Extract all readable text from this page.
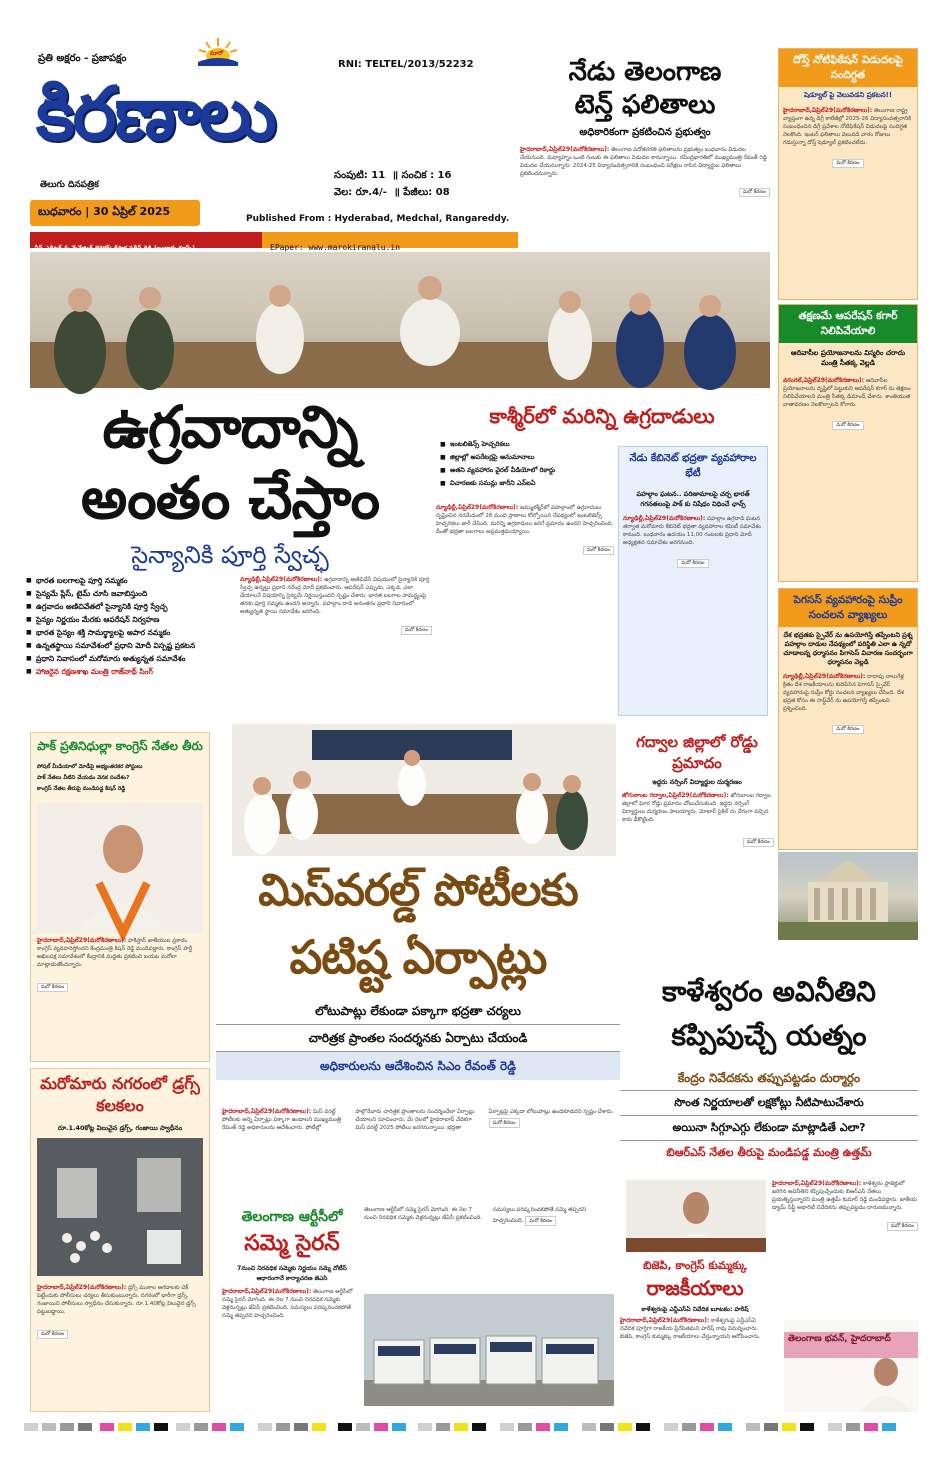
ప్రతి అక్షరం - ప్రజాపక్షం	మారో
కిరణాలు
తెలుగు దినపత్రిక
RNI: TELTEL/2013/52232
సంపుటి: 11  ॥ సంచిక : 16
వెల: రూ.4/-  ॥ పేజీలు: 08
బుధవారం | 30 ఏప్రిల్ 2025
Published From : Hyderabad, Medchal, Rangareddy.
చీఫ్ ఎడిటర్ & మేనేజింగ్ డైరెక్టర్: రేపాక ప్రదీప్ రెడ్డి (బంధారు గ్రూప్స్)	EPaper: www.marokiranalu.in
నేడు తెలంగాణ
టెన్త్ ఫలితాలు
అధికారికంగా ప్రకటించిన ప్రభుత్వం
హైదరాబాద్,ఏప్రిల్29(మరోకిరణాలు): తెలంగాణ పదోతరగతి ఫలితాలను ప్రభుత్వం బుధవారం విడుదల చేయనుంది. మధ్యాహ్నం ఒంటి గంటకు ఈ ఫలితాలు విడుదల కానున్నాయి. రవీంద్రభారతిలో ముఖ్యమంత్రి రేవంత్ రెడ్డి విడుదల చేయనున్నారు. 2024-25 విద్యాసంవత్సరానికి సంబంధించి పరీక్షలు రాసిన విద్యార్థుల ఫలితాలు ప్రకటించనున్నారు.
మరో కిరణం
దోస్త్ నోటిఫికేషన్ విడుదలపై సందిగ్ధత
షెడ్యూల్ పై వెలువడని ప్రకటన!!
హైదరాబాద్,ఏప్రిల్29(మరోకిరణాలు): తెలంగాణ రాష్ట్ర వ్యాప్తంగా ఉన్న డిగ్రీ కాలేజీల్లో 2025-26 విద్యాసంవత్సరానికి సంబంధించిన డిగ్రీ ప్రవేశాల నోటిఫికేషన్ విడుదలపై సందిగ్ధత నెలకొంది. ఇంటర్ ఫలితాలు వెలువడి వారం రోజులు గడుస్తున్నా దోస్త్ షెడ్యూల్ ప్రకటించలేదు.
మరో కిరణం
తక్షణమే ఆపరేషన్ కగార్ నిలిపివేయాలి
ఆదివాసీల ప్రయోజనాలను విస్మరిం చరాదు మంత్రి సీతక్క వెల్లడి
వరంగల్,ఏప్రిల్29(మరోకిరణాలు): ఆదివాసీల ప్రయోజనాలను దృష్టిలో పెట్టుకుని ఆపరేషన్ కగార్ ను తక్షణం నిలిపివేయాలని మంత్రి సీతక్క డిమాండ్ చేశారు. శాంతియుత వాతావరణం నెలకొల్పాలని కోరారు.
మరో కిరణం
పెగసస్ వ్యవహారంపై సుప్రీం సంచలన వ్యాఖ్యలు
దేశ భద్రతకు స్పైవేర్ ను ఉపయోగిస్తే తప్పేంటని ప్రశ్న పహల్గాం దాడుల నేపథ్యంలో పరిస్థితి ఎలా ఉ న్నదో చూడాలన్న ధర్మాసనం పిగాసెస్ విచారణ సందర్భంగా ధర్మాసనం వెల్లడి
న్యూఢిల్లీ,ఏప్రిల్29(మరోకిరణాలు): దాదాపు నాలుగేళ్ల క్రితం దేశ రాజకీయాలను కుదిపేసిన పెగాసస్ స్పైవేర్ వ్యవహారంపై సుప్రీం కోర్టు సంచలన వ్యాఖ్యలు చేసింది. దేశ భద్రత కోసం ఈ సాఫ్ట్‌వేర్ ను ఉపయోగిస్తే తప్పేంటని ప్రశ్నించింది.
మరో కిరణం
ఉగ్రవాదాన్ని
అంతం చేస్తాం
సైన్యానికి పూర్తి స్వేచ్ఛ
■ భారత బలగాలపై పూర్తి నమ్మకం
■ సైన్యమే ప్లేస్, టైమ్ చూసి జవాబిస్తుంది
■ ఉగ్రవాదం అణిచివేతలో సైన్యానికి పూర్తి స్వేచ్ఛ
■ సైన్యం నిర్ణయం మేరకు ఆపరేషన్ నిర్వహణ
■ భారత సైన్యం శక్తి సామర్థ్యాలపై అపార నమ్మకం
■ ఉన్నతస్థాయి సమావేశంలో ప్రధాని మోదీ విస్పష్ట ప్రకటన
■ ప్రధాని నివాసంలో మరోమారు అత్యున్నత సమావేశం
■ హాజరైన రక్షణశాఖ మంత్రి రాజ్‌నాథ్ సింగ్
న్యూఢిల్లీ,ఏప్రిల్29(మరోకిరణాలు): ఉగ్రవాదాన్ని అణిచివేసే విషయంలో సైన్యానికి పూర్తి స్వేచ్ఛ ఉన్నట్టు ప్రధాని నరేంద్ర మోదీ ప్రకటించారు. ఆపరేషన్ ఎప్పుడు, ఎక్కడ, ఎలా చేయాలనే విషయాన్ని సైన్యమే నిర్ణయిస్తుందని స్పష్టం చేశారు. భారత బలగాల సామర్థ్యంపై తనకు పూర్తి నమ్మకం ఉందని అన్నారు. పహల్గాం దాడి అనంతరం ప్రధాని నివాసంలో అత్యున్నత స్థాయి సమావేశం జరిగింది.
మరో కిరణం
కాశ్మీర్‌లో మరిన్ని ఉగ్రదాడులు
■ ఇంటలిజెన్స్ హెచ్చరికలు
■ జిల్లాల్లో అపరేటర్లపై అనుమానాలు
■ అతని వ్యవహారం వైరల్ వీడియోలో రికార్డు
■ విచారణకు సమన్లు జారీని ఎన్ఐఏ
న్యూఢిల్లీ,ఏప్రిల్29(మరోకిరణాలు): జమ్ముకశ్మీర్‌లో పహల్గాంలో ఉగ్రవాదులు సృష్టించిన నరమేధంలో 26 మంది ప్రాణాలు కోల్పోయిన నేపథ్యంలో ఇంటలిజెన్స్ హెచ్చరికలు జారీ చేసింది. మరిన్ని ఉగ్రదాడులు జరిగే ప్రమాదం ఉందని హెచ్చరించింది. దీంతో భద్రతా బలగాలు అప్రమత్తమయ్యాయి.
మరో కిరణం
నేడు కేబినెట్ భద్రతా వ్యవహారాల భేటీ
పహల్గాం ఘటన.. పరిణామాలపై చర్చ భారత్ గగనతలంపై పాక్ కు నిషేధం విధించే ఛాన్స్
న్యూఢిల్లీ,ఏప్రిల్29(మరోకిరణాలు): పహల్గాం ఉగ్రదాడి ఘటన తర్వాత మరోమారు కేబినెట్ భద్రతా వ్యవహారాల కమిటీ సమావేశం కానుంది. బుధవారం ఉదయం 11.00 గంటలకు ప్రధాని మోదీ అధ్యక్షతన సమావేశం జరగనుంది.
మరో కిరణం
పాక్ ప్రతినిధుల్లా కాంగ్రెస్ నేతల తీరు
సోషల్ మీడియాలో మోడీపై అభ్యంతరకర పోస్టులు
పాక్ నేతలు వీటిని చేయడం వెనక సందేశం?
కాంగ్రెస్ నేతల తీరుపై మండిపడ్డ కిషన్ రెడ్డి
హైదరాబాద్,ఏప్రిల్29(మరోకిరణాలు): పాకిస్తాన్ జాతీయుల ప్రకారం కాంగ్రెస్ వ్యవహరిస్తోందని కేంద్రమంత్రి కిషన్ రెడ్డి మండిపడ్డారు. కాంగ్రెస్ పార్టీ అఖిలపక్ష సమావేశంలో కేంద్రానికి మద్దతు ప్రకటించి బయట మరోలా మాట్లాడుతోందన్నారు.
మరో కిరణం
మరోమారు నగరంలో డ్రగ్స్ కలకలం
రూ.1.40కోట్ల విలువైన డ్రగ్స్, గంజాయి స్వాధీనం
హైదరాబాద్,ఏప్రిల్29(మరోకిరణాలు): డ్రగ్స్ ముఠాల ఆగడాలకు చెక్ పెట్టేందుకు పోలీసులు చర్యలు తీసుకుంటున్నారు. నగరంలో భారీగా డ్రగ్స్, గంజాయిని పోలీసులు స్వాధీనం చేసుకున్నారు. రూ.1.40కోట్ల విలువైన డ్రగ్స్ పట్టుబడ్డాయి.
మరో కిరణం
గద్వాల జిల్లాలో రోడ్డు ప్రమాదం
ఇద్దరు నర్సింగ్ విద్యార్థుల దుర్మరణం
జోగులాంబ గద్వాల,ఏప్రిల్29(మరోకిరణాలు): జోగులాంబ గద్వాల జిల్లాలో ఘోర రోడ్డు ప్రమాదం చోటుచేసుకుంది. ఇద్దరు నర్సింగ్ విద్యార్థులు దుర్మరణం పాలయ్యారు. మోటార్ సైకిల్ ను వేగంగా వచ్చిన కారు ఢీకొట్టింది.
మరో కిరణం
మిస్‌వరల్డ్ పోటీలకు
పటిష్ట ఏర్పాట్లు
లోటుపాట్లు లేకుండా పక్కాగా భద్రతా చర్యలు
చారిత్రక ప్రాంతల సందర్శనకు ఏర్పాటు చేయండి
అధికారులను ఆదేశించిన సిఎం రేవంత్ రెడ్డి
హైదరాబాద్,ఏప్రిల్29(మరోకిరణాలు): మిస్ వరల్డ్ పోటీలకు అన్ని ఏర్పాట్లు పక్కాగా ఉండాలని ముఖ్యమంత్రి రేవంత్ రెడ్డి అధికారులను ఆదేశించారు. పోటీల్లో పాల్గొనేవారు చారిత్రక ప్రాంతాలను సందర్శించేలా ఏర్పాట్లు చేయాలని సూచించారు. మే నెలలో హైదరాబాద్ వేదికగా మిస్ వరల్డ్ 2025 పోటీలు జరగనున్నాయి. భద్రతా ఏర్పాట్లపై ఎక్కడా లోటుపాట్లు ఉండకూడదని స్పష్టం చేశారు. మరో కిరణం
కాళేశ్వరం అవినీతిని
కప్పిపుచ్చే యత్నం
కేంద్రం నివేదకను తప్పుపట్టడం దుర్మార్గం
సొంత నిర్ణయాలతో లక్షకోట్లు నీటిపాటుచేశారు
అయినా సిగ్గూఎగ్గు లేకుండా మాట్లాడితే ఎలా?
బిఆర్ఎస్ నేతల తీరుపై మండిపడ్డ మంత్రి ఉత్తమ్
హైదరాబాద్,ఏప్రిల్29(మరోకిరణాలు): కాళేశ్వరం ప్రాజెక్టులో జరిగిన అవినీతిని కప్పిపుచ్చేందుకు బిఆర్ఎస్ నేతలు ప్రయత్నిస్తున్నారని మంత్రి ఉత్తమ్ కుమార్ రెడ్డి మండిపడ్డారు. జాతీయ డ్యామ్ సేఫ్టీ అథారిటీ నివేదికను తప్పుపట్టడం దారుణమన్నారు.
మరో కిరణం
తెలంగాణ ఆర్టీసీలో
సమ్మె సైరన్
7నుంచి నిరవధిక సమ్మెకు నిర్ణయం సమ్మె నోటీస్ ఆధారంగానే కార్యాచరణ జెఎసి
హైదరాబాద్,ఏప్రిల్29(మరోకిరణాలు): తెలంగాణ ఆర్టీసీలో సమ్మె సైరన్ మోగింది. ఈ నెల 7 నుంచి నిరవధిక సమ్మెకు వెళ్లనున్నట్లు జేఏసీ ప్రకటించింది. సమస్యలు పరిష్కరించకపోతే సమ్మె తప్పదని హెచ్చరించింది.
తెలంగాణ ఆర్టీసీలో సమ్మె సైరన్ మోగింది. ఈ నెల 7 నుంచి నిరవధిక సమ్మెకు వెళ్లనున్నట్లు జేఏసీ ప్రకటించింది. సమస్యలు పరిష్కరించకపోతే సమ్మె తప్పదని హెచ్చరించింది. మరో కిరణం
బిజెపి, కాంగ్రెస్ కుమ్మక్కు
రాజకీయాలు
కాళేశ్వరంపై ఎన్డీఎస్ఏ నివేదిక బూటకం: హరీష్
హైదరాబాద్,ఏప్రిల్29(మరోకిరణాలు): కాళేశ్వరంపై ఎన్డీఎస్ఏ నివేదిక పూర్తిగా రాజకీయ ప్రేరేపితమని హరీష్ రావు విమర్శించారు. బిజెపి, కాంగ్రెస్ కుమ్మక్కు రాజకీయాలు చేస్తున్నాయని ఆరోపించారు.	తెలంగాణ భవన్, హైదరాబాద్
